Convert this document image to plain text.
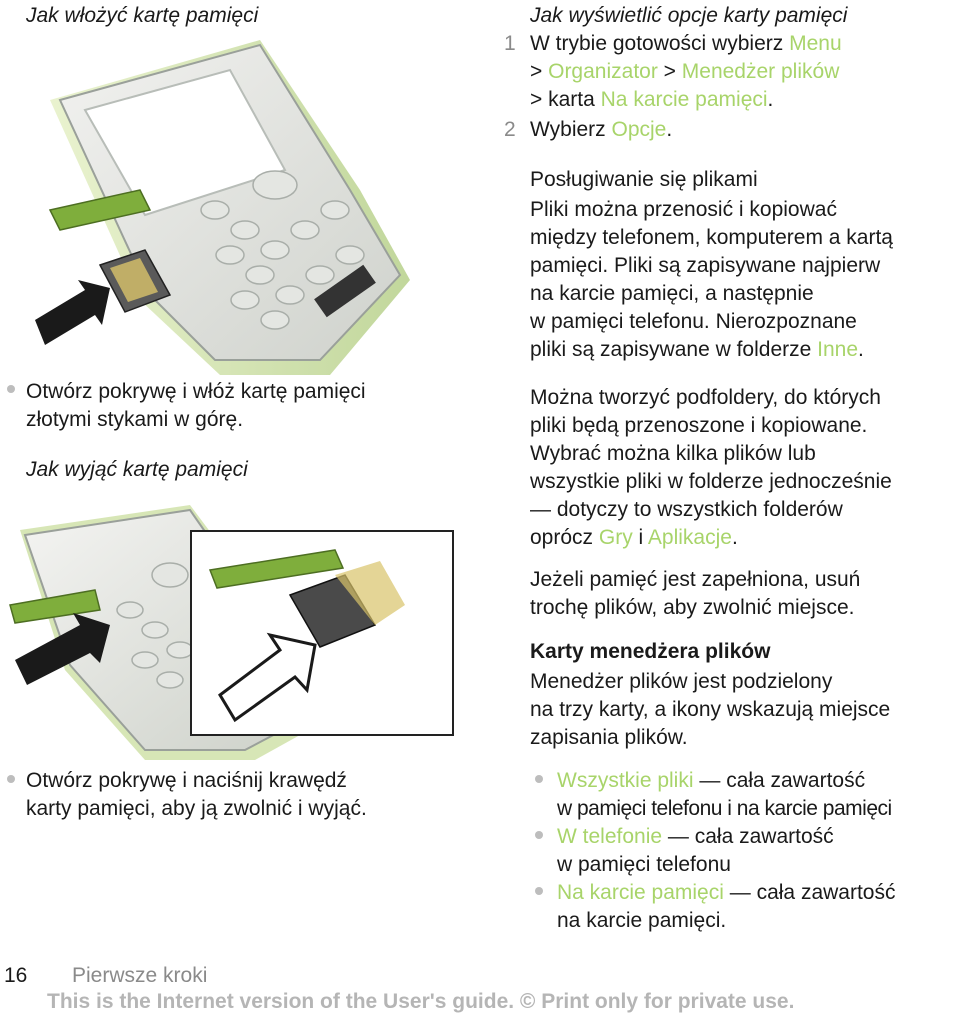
Jak włożyć kartę pamięci
Otwórz pokrywę i włóż kartę pamięci
złotymi stykami w górę.
Jak wyjąć kartę pamięci
Otwórz pokrywę i naciśnij krawędź
karty pamięci, aby ją zwolnić i wyjąć.
Jak wyświetlić opcje karty pamięci
1 W trybie gotowości wybierz Menu
> Organizator > Menedżer plików
> karta Na karcie pamięci.
2 Wybierz Opcje.
Posługiwanie się plikami
Pliki można przenosić i kopiować
między telefonem, komputerem a kartą
pamięci. Pliki są zapisywane najpierw
na karcie pamięci, a następnie
w pamięci telefonu. Nierozpoznane
pliki są zapisywane w folderze Inne.
Można tworzyć podfoldery, do których
pliki będą przenoszone i kopiowane.
Wybrać można kilka plików lub
wszystkie pliki w folderze jednocześnie
— dotyczy to wszystkich folderów
oprócz Gry i Aplikacje.
Jeżeli pamięć jest zapełniona, usuń
trochę plików, aby zwolnić miejsce.
Karty menedżera plików
Menedżer plików jest podzielony
na trzy karty, a ikony wskazują miejsce
zapisania plików.
Wszystkie pliki — cała zawartość
w pamięci telefonu i na karcie pamięci
W telefonie — cała zawartość
w pamięci telefonu
Na karcie pamięci — cała zawartość
na karcie pamięci.
16 Pierwsze kroki
This is the Internet version of the User's guide. © Print only for private use.
